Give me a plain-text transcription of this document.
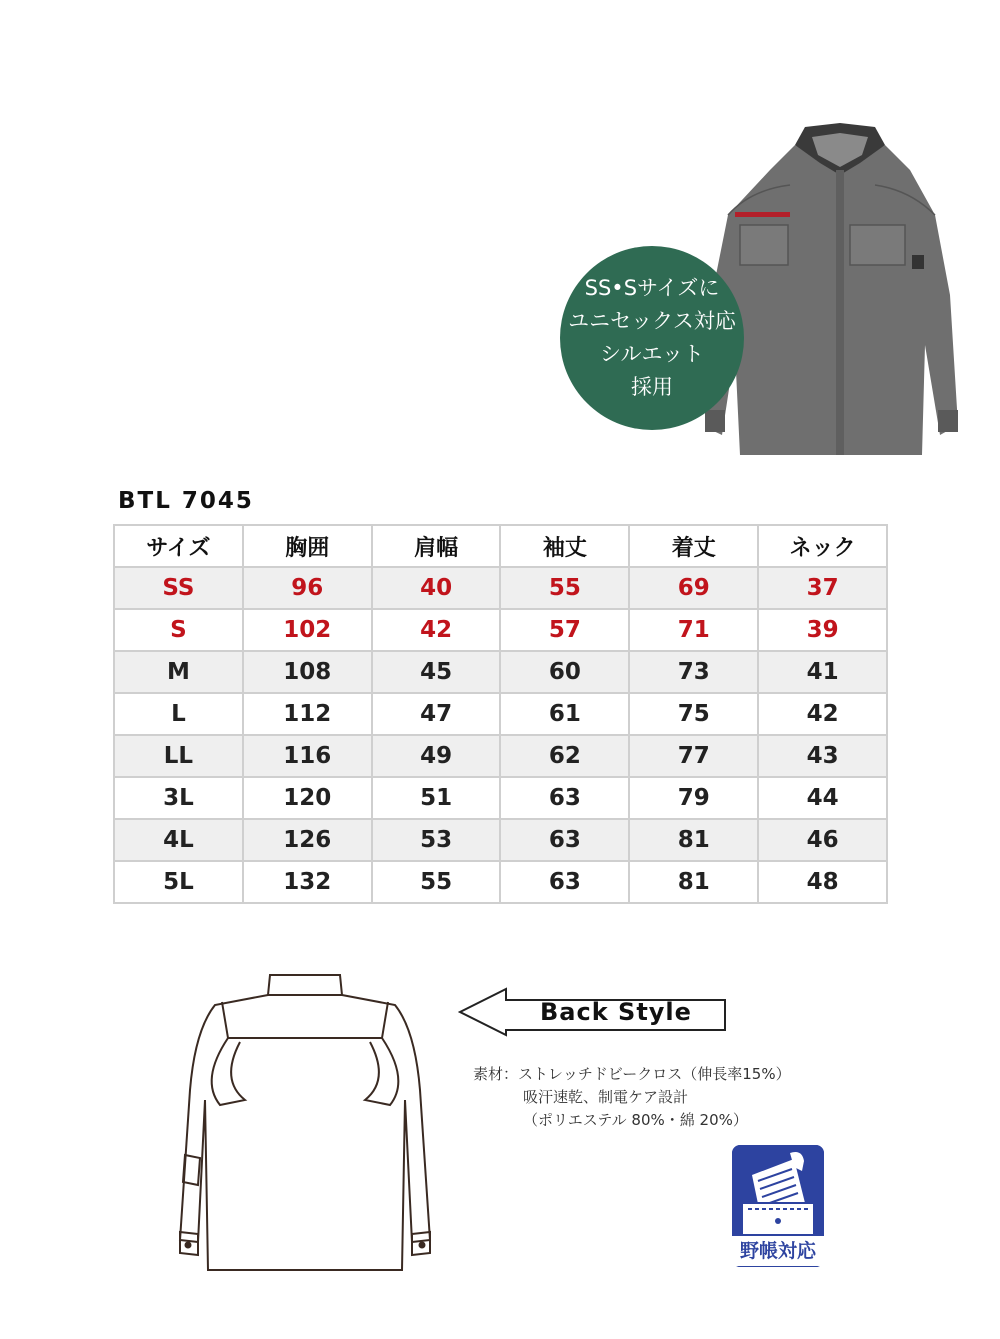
SS•Sサイズに
ユニセックス対応
シルエット
採用
BTL 7045
サイズ	胸囲	肩幅	袖丈	着丈	ネック
SS	96	40	55	69	37
S	102	42	57	71	39
M	108	45	60	73	41
L	112	47	61	75	42
LL	116	49	62	77	43
3L	120	51	63	79	44
4L	126	53	63	81	46
5L	132	55	63	81	48
Back Style
素材：ストレッチドビークロス（伸長率15%）
吸汗速乾、制電ケア設計
（ポリエステル 80%・綿 20%）
野帳対応
